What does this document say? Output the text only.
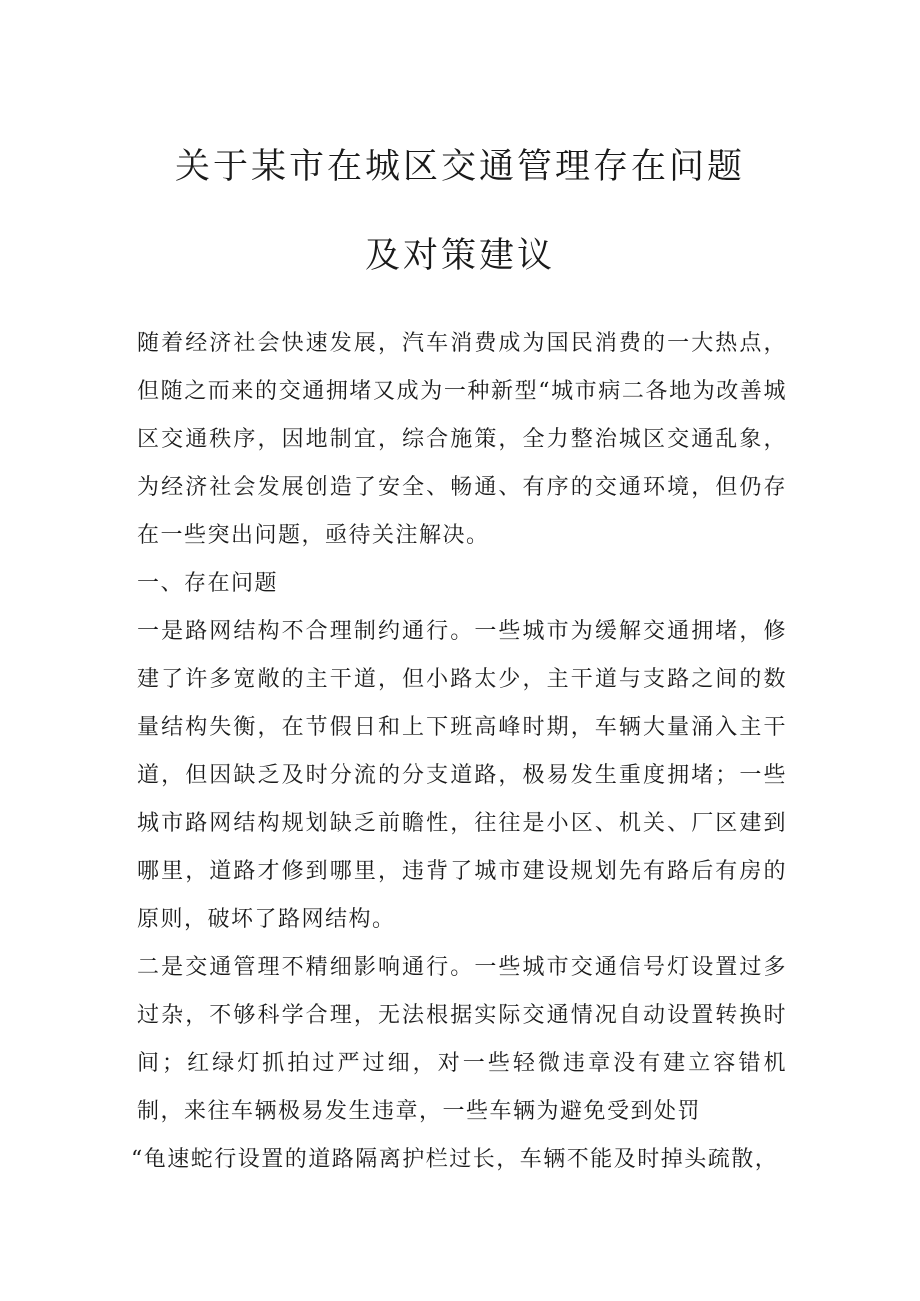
关于某市在城区交通管理存在问题
及对策建议

随着经济社会快速发展，汽车消费成为国民消费的一大热点，但随之而来的交通拥堵又成为一种新型“城市病二各地为改善城区交通秩序，因地制宜，综合施策，全力整治城区交通乱象，为经济社会发展创造了安全、畅通、有序的交通环境，但仍存在一些突出问题，亟待关注解决。

一、存在问题

一是路网结构不合理制约通行。一些城市为缓解交通拥堵，修建了许多宽敞的主干道，但小路太少，主干道与支路之间的数量结构失衡，在节假日和上下班高峰时期，车辆大量涌入主干道，但因缺乏及时分流的分支道路，极易发生重度拥堵；一些城市路网结构规划缺乏前瞻性，往往是小区、机关、厂区建到哪里，道路才修到哪里，违背了城市建设规划先有路后有房的原则，破坏了路网结构。

二是交通管理不精细影响通行。一些城市交通信号灯设置过多过杂，不够科学合理，无法根据实际交通情况自动设置转换时间；红绿灯抓拍过严过细，对一些轻微违章没有建立容错机制，来往车辆极易发生违章，一些车辆为避免受到处罚

“龟速蛇行设置的道路隔离护栏过长，车辆不能及时掉头疏散，
